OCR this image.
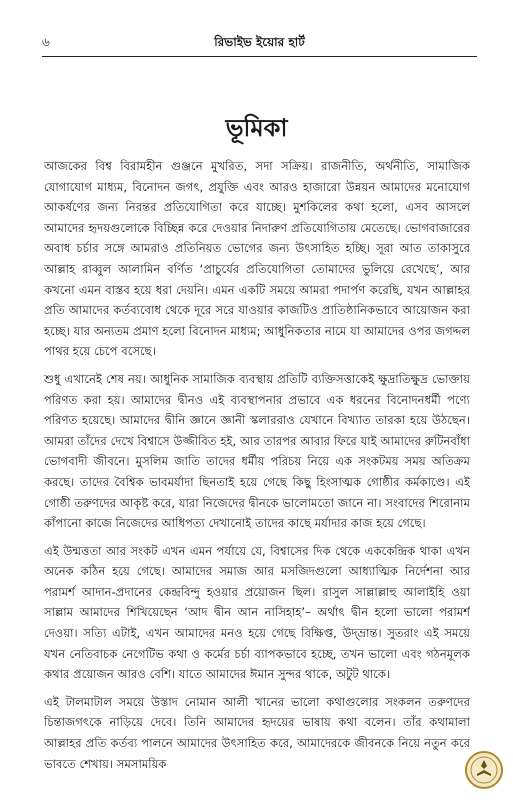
৬	রিভাইভ ইয়োর হার্ট
ভূমিকা

আজকের বিশ্ব বিরামহীন গুঞ্জনে মুখরিত, সদা সক্রিয়। রাজনীতি, অর্থনীতি, সামাজিক যোগাযোগ মাধ্যম, বিনোদন জগৎ, প্রযুক্তি এবং আরও হাজারো উন্নয়ন আমাদের মনোযোগ আকর্ষণের জন্য নিরন্তর প্রতিযোগিতা করে যাচ্ছে। মুশকিলের কথা হলো, এসব আসলে আমাদের হৃদয়গুলোকে বিচ্ছিন্ন করে দেওয়ার নিদারুণ প্রতিযোগিতায় মেতেছে। ভোগবাজারের অবাধ চর্চার সঙ্গে আমরাও প্রতিনিয়ত ভোগের জন্য উৎসাহিত হচ্ছি। সূরা আত তাকাসুরে আল্লাহ রাব্বুল আলামিন বর্ণিত ‘প্রাচুর্যের প্রতিযোগিতা তোমাদের ভুলিয়ে রেখেছে’, আর কখনো এমন বাস্তব হয়ে ধরা দেয়নি। এমন একটি সময়ে আমরা পদার্পণ করেছি, যখন আল্লাহর প্রতি আমাদের কর্তব্যবোধ থেকে দূরে সরে যাওয়ার কাজটিও প্রাতিষ্ঠানিকভাবে আয়োজন করা হচ্ছে। যার অন্যতম প্রমাণ হলো বিনোদন মাধ্যম; আধুনিকতার নামে যা আমাদের ওপর জগদ্দল পাথর হয়ে চেপে বসেছে।

শুধু এখানেই শেষ নয়। আধুনিক সামাজিক ব্যবস্থায় প্রতিটি ব্যক্তিসত্তাকেই ক্ষুদ্রাতিক্ষুদ্র ভোক্তায় পরিণত করা হয়। আমাদের দ্বীনও এই ব্যবস্থাপনার প্রভাবে এক ধরনের বিনোদনধর্মী পণ্যে পরিণত হয়েছে। আমাদের দ্বীনি জ্ঞানে জ্ঞানী স্কলাররাও যেখানে বিখ্যাত তারকা হয়ে উঠছেন। আমরা তাঁদের দেখে বিশ্বাসে উজ্জীবিত হই, আর তারপর আবার ফিরে যাই আমাদের রুটিনবাঁধা ভোগবাদী জীবনে। মুসলিম জাতি তাদের ধর্মীয় পরিচয় নিয়ে এক সংকটময় সময় অতিক্রম করছে। তাদের বৈশ্বিক ভাবমর্যাদা ছিনতাই হয়ে গেছে কিছু হিংসাত্মক গোষ্ঠীর কর্মকাণ্ডে। এই গোষ্ঠী তরুণদের আকৃষ্ট করে, যারা নিজেদের দ্বীনকে ভালোমতো জানে না। সংবাদের শিরোনাম কাঁপানো কাজে নিজেদের আধিপত্য দেখানোই তাদের কাছে মর্যাদার কাজ হয়ে গেছে।

এই উন্মত্ততা আর সংকট এখন এমন পর্যায়ে যে, বিশ্বাসের দিক থেকে এককেন্দ্রিক থাকা এখন অনেক কঠিন হয়ে গেছে। আমাদের সমাজ আর মসজিদগুলো আধ্যাত্মিক নির্দেশনা আর পরামর্শ আদান-প্রদানের কেন্দ্রবিন্দু হওয়ার প্রয়োজন ছিল। রাসুল সাল্লাল্লাহু আলাইহি ওয়া সাল্লাম আমাদের শিখিয়েছেন ‘আদ দ্বীন আন নাসিহাহ’– অর্থাৎ দ্বীন হলো ভালো পরামর্শ দেওয়া। সত্যি এটাই, এখন আমাদের মনও হয়ে গেছে বিক্ষিপ্ত, উদ্‌ভ্রান্ত। সুতরাং এই সময়ে যখন নেতিবাচক নেগেটিভ কথা ও কর্মের চর্চা ব্যাপকভাবে হচ্ছে, তখন ভালো এবং গঠনমূলক কথার প্রয়োজন আরও বেশি। যাতে আমাদের ঈমান সুন্দর থাকে, অটুট থাকে।

এই টালমাটাল সময়ে উস্তাদ নোমান আলী খানের ভালো কথাগুলোর সংকলন তরুণদের চিন্তাজগৎকে নাড়িয়ে দেবে। তিনি আমাদের হৃদয়ের ভাষায় কথা বলেন। তাঁর কথামালা আল্লাহর প্রতি কর্তব্য পালনে আমাদের উৎসাহিত করে, আমাদেরকে জীবনকে নিয়ে নতুন করে ভাবতে শেখায়। সমসাময়িক
